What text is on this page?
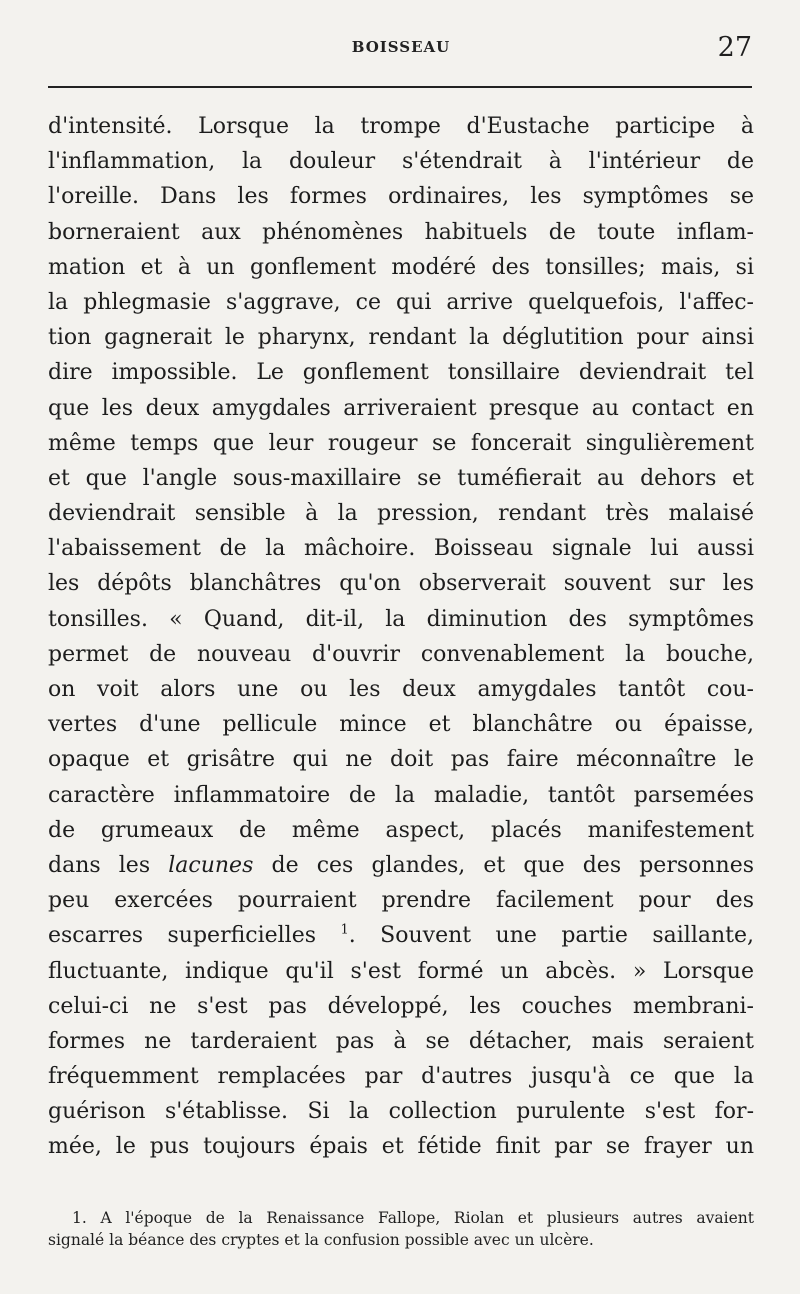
BOISSEAU	27
d'intensité. Lorsque la trompe d'Eustache participe à
l'inflammation, la douleur s'étendrait à l'intérieur de
l'oreille. Dans les formes ordinaires, les symptômes se
borneraient aux phénomènes habituels de toute inflam-
mation et à un gonflement modéré des tonsilles; mais, si
la phlegmasie s'aggrave, ce qui arrive quelquefois, l'affec-
tion gagnerait le pharynx, rendant la déglutition pour ainsi
dire impossible. Le gonflement tonsillaire deviendrait tel
que les deux amygdales arriveraient presque au contact en
même temps que leur rougeur se foncerait singulièrement
et que l'angle sous-maxillaire se tuméfierait au dehors et
deviendrait sensible à la pression, rendant très malaisé
l'abaissement de la mâchoire. Boisseau signale lui aussi
les dépôts blanchâtres qu'on observerait souvent sur les
tonsilles. « Quand, dit-il, la diminution des symptômes
permet de nouveau d'ouvrir convenablement la bouche,
on voit alors une ou les deux amygdales tantôt cou-
vertes d'une pellicule mince et blanchâtre ou épaisse,
opaque et grisâtre qui ne doit pas faire méconnaître le
caractère inflammatoire de la maladie, tantôt parsemées
de grumeaux de même aspect, placés manifestement
dans les lacunes de ces glandes, et que des personnes
peu exercées pourraient prendre facilement pour des
escarres superficielles $^1$. Souvent une partie saillante,
fluctuante, indique qu'il s'est formé un abcès. » Lorsque
celui-ci ne s'est pas développé, les couches membrani-
formes ne tarderaient pas à se détacher, mais seraient
fréquemment remplacées par d'autres jusqu'à ce que la
guérison s'établisse. Si la collection purulente s'est for-
mée, le pus toujours épais et fétide finit par se frayer un
1. A l'époque de la Renaissance Fallope, Riolan et plusieurs autres avaient
signalé la béance des cryptes et la confusion possible avec un ulcère.
